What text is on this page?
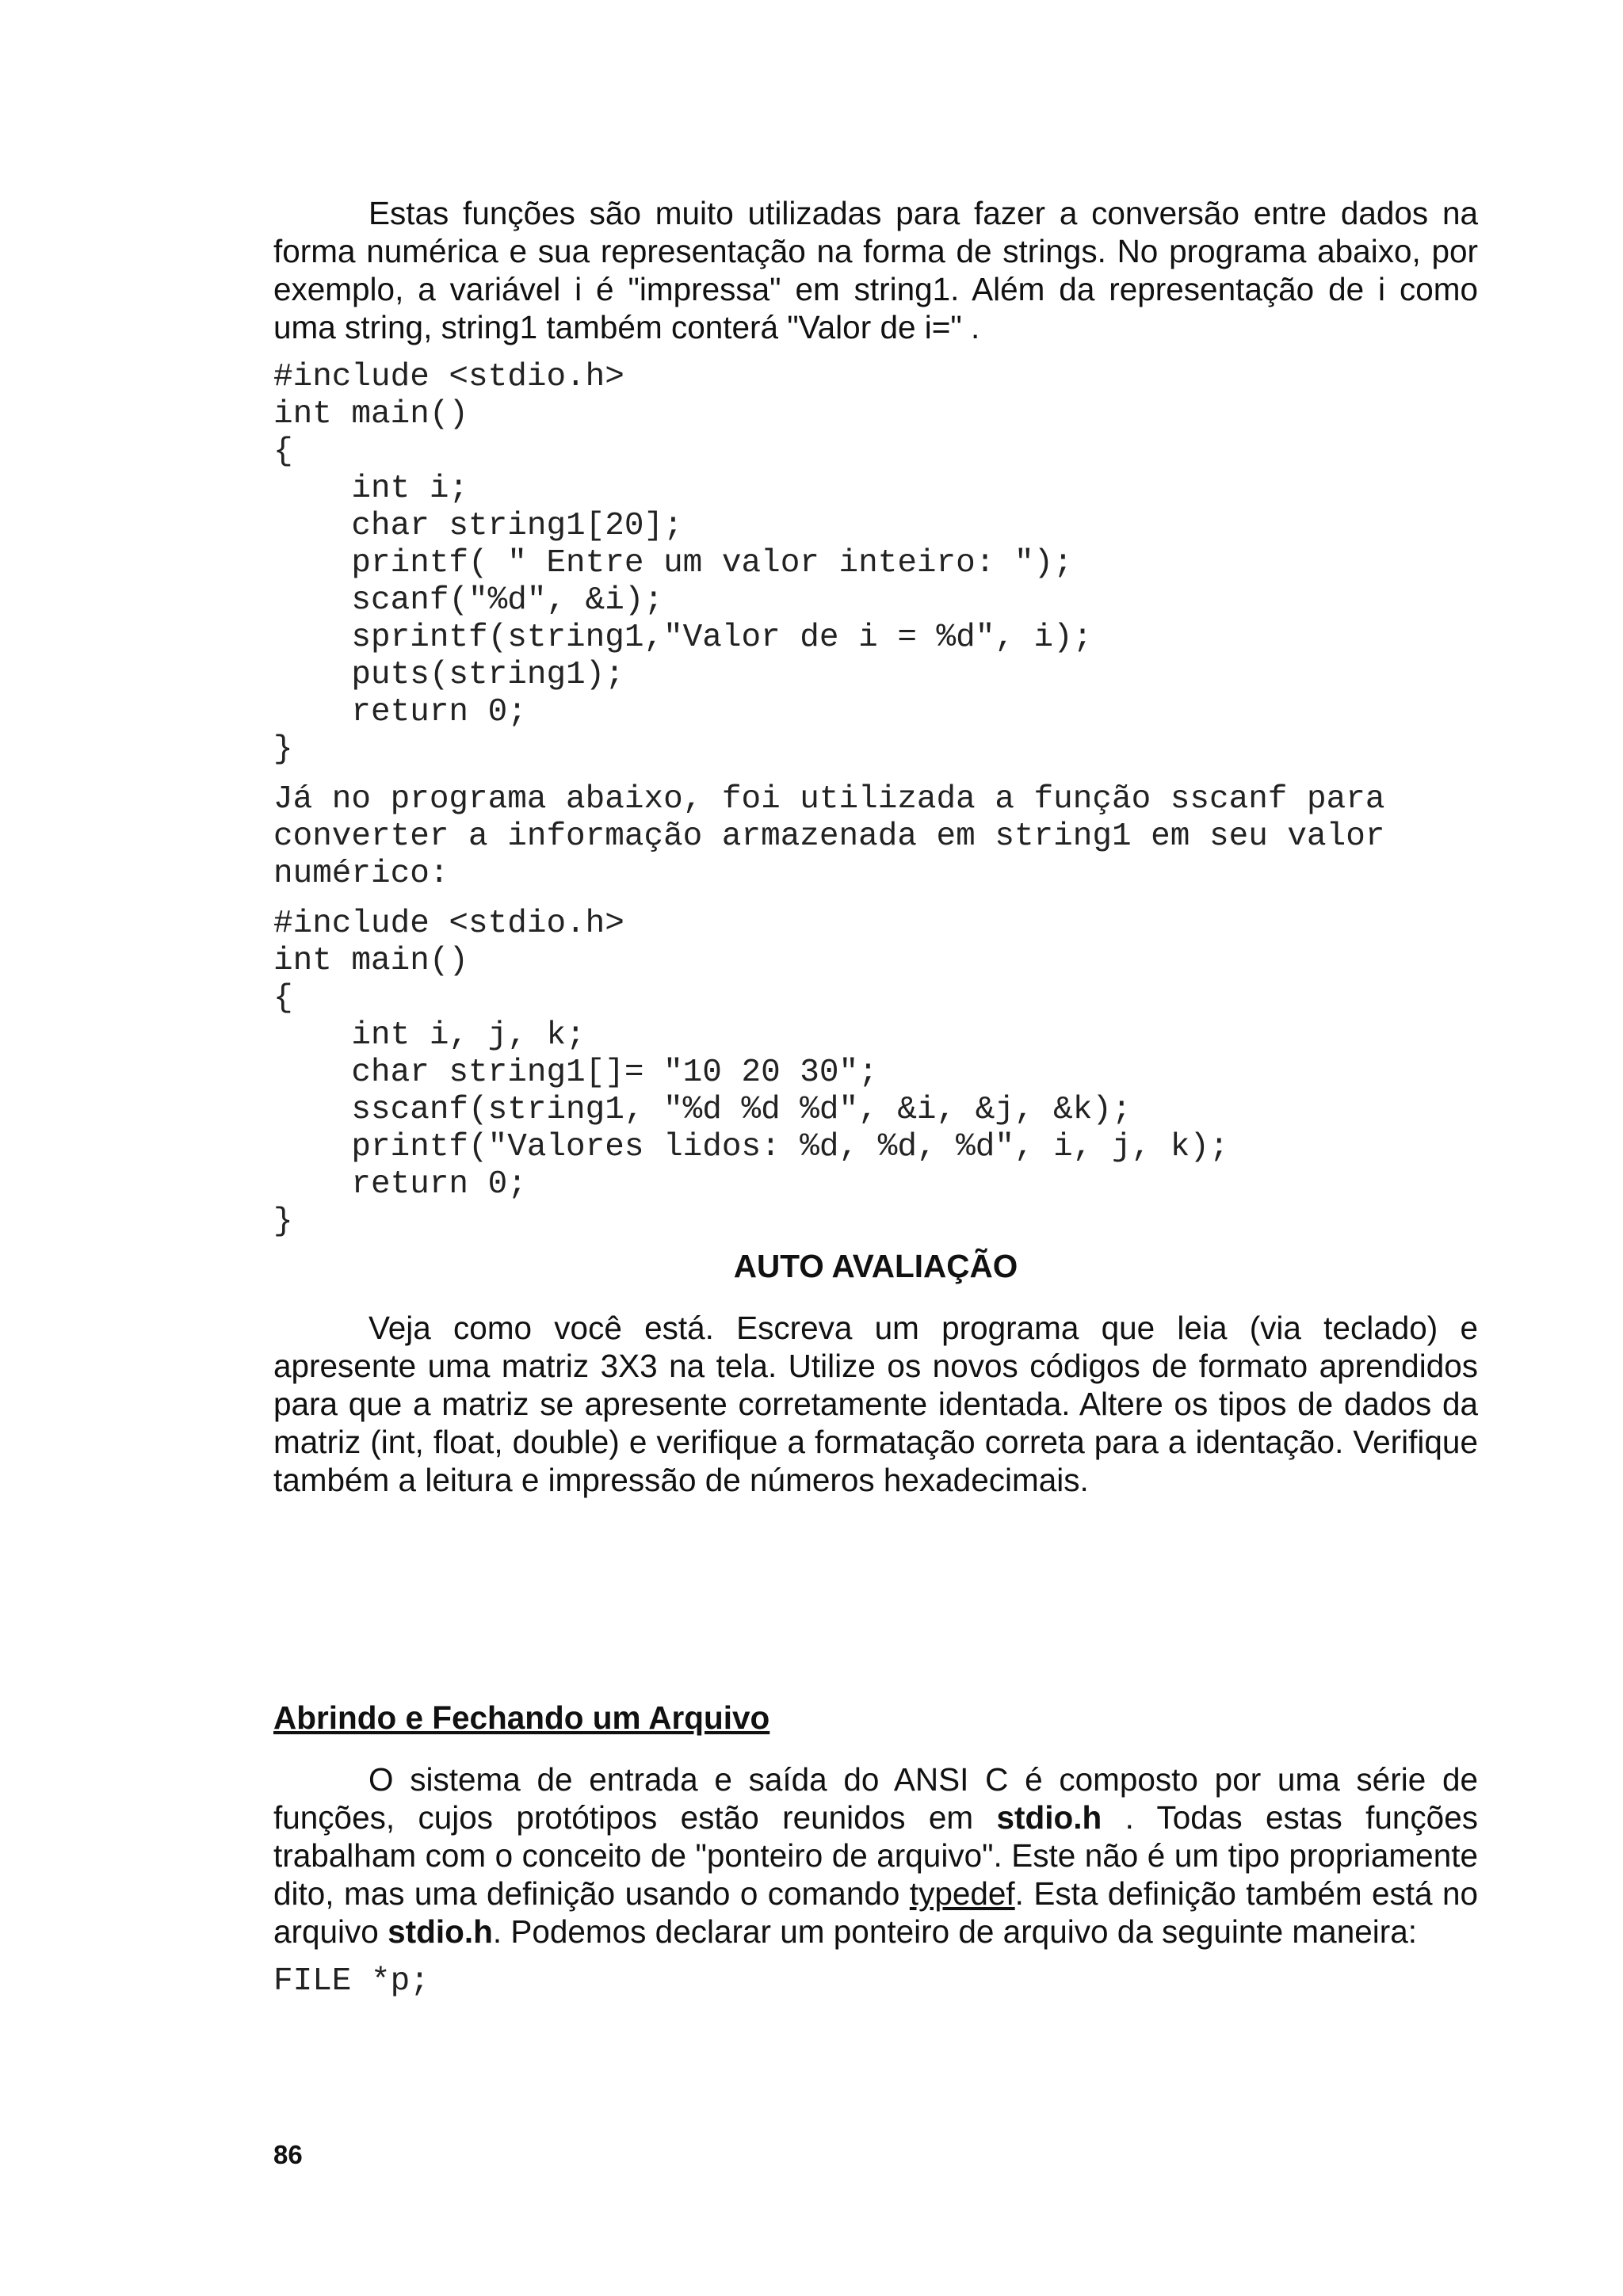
Estas funções são muito utilizadas para fazer a conversão entre dados na forma numérica e sua representação na forma de strings. No programa abaixo, por exemplo, a variável i é "impressa" em string1. Além da representação de i como uma string, string1 também conterá "Valor de i=" .

#include <stdio.h>
int main()
{
int i;
char string1[20];
printf( " Entre um valor inteiro: ");
scanf("%d", &i);
sprintf(string1,"Valor de i = %d", i);
puts(string1);
return 0;
}
Já no programa abaixo, foi utilizada a função sscanf para
converter a informação armazenada em string1 em seu valor
numérico:
#include <stdio.h>
int main()
{
int i, j, k;
char string1[]= "10 20 30";
sscanf(string1, "%d %d %d", &i, &j, &k);
printf("Valores lidos: %d, %d, %d", i, j, k);
return 0;
}

AUTO AVALIAÇÃO

Veja como você está. Escreva um programa que leia (via teclado) e apresente uma matriz 3X3 na tela. Utilize os novos códigos de formato aprendidos para que a matriz se apresente corretamente identada. Altere os tipos de dados da matriz (int, float, double) e verifique a formatação correta para a identação. Verifique também a leitura e impressão de números hexadecimais.

Abrindo e Fechando um Arquivo

O sistema de entrada e saída do ANSI C é composto por uma série de funções, cujos protótipos estão reunidos em stdio.h . Todas estas funções trabalham com o conceito de "ponteiro de arquivo". Este não é um tipo propriamente dito, mas uma definição usando o comando typedef. Esta definição também está no arquivo stdio.h. Podemos declarar um ponteiro de arquivo da seguinte maneira:

FILE *p;
86
